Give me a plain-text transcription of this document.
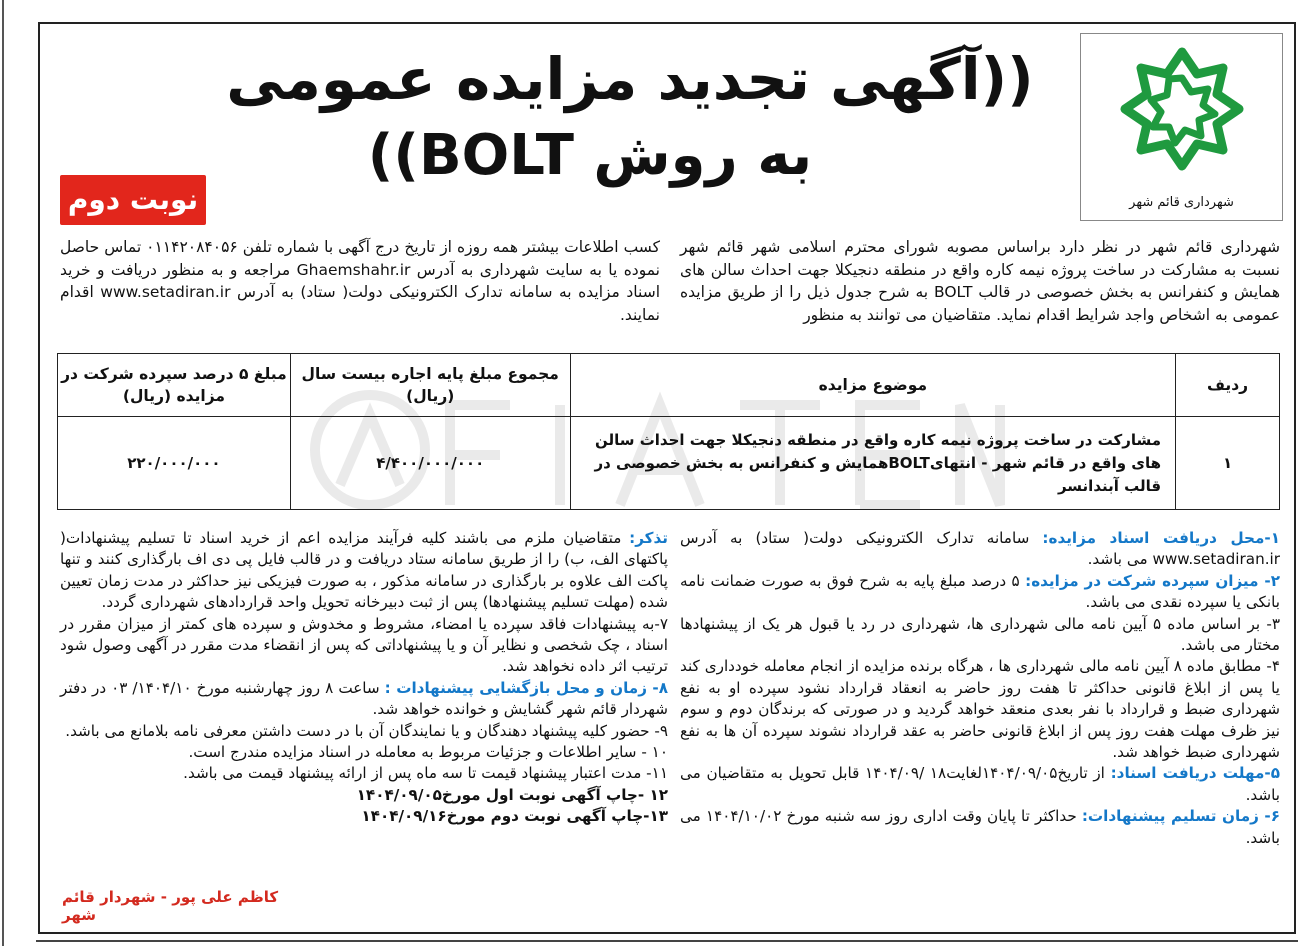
شهرداری قائم شهر
((آگهی تجدید مزایده عمومی
به روش BOLT))
نوبت دوم
شهرداری قائم شهر در نظر دارد براساس مصوبه شورای محترم اسلامی شهر قائم شهر نسبت به مشارکت در ساخت پروژه نیمه کاره واقع در منطقه دنجیکلا جهت احداث سالن های همایش و کنفرانس به بخش خصوصی در قالب BOLT به شرح جدول ذیل را از طریق مزایده عمومی به اشخاص واجد شرایط اقدام نماید. متقاضیان می توانند به منظور
کسب اطلاعات بیشتر همه روزه از تاریخ درج آگهی با شماره تلفن ۰۱۱۴۲۰۸۴۰۵۶ تماس حاصل نموده یا به سایت شهرداری به آدرس Ghaemshahr.ir مراجعه و به منظور دریافت و خرید اسناد مزایده به سامانه تدارک الکترونیکی دولت( ستاد) به آدرس www.setadiran.ir اقدام نمایند.
ردیف	موضوع مزایده	مجموع مبلغ پایه اجاره بیست سال (ریال)	مبلغ ۵ درصد سپرده شرکت در مزایده (ریال)
۱	مشارکت در ساخت پروژه نیمه کاره واقع در منطقه دنجیکلا جهت احداث سالن های واقع در قائم شهر - انتهایBOLTهمایش و کنفرانس به بخش خصوصی در قالب آبندانسر	۴/۴۰۰/۰۰۰/۰۰۰	۲۲۰/۰۰۰/۰۰۰

۱-محل دریافت اسناد مزایده: سامانه تدارک الکترونیکی دولت( ستاد) به آدرس www.setadiran.ir می باشد.

۲- میزان سپرده شرکت در مزایده: ۵ درصد مبلغ پایه به شرح فوق به صورت ضمانت نامه بانکی یا سپرده نقدی می باشد.

۳- بر اساس ماده ۵ آیین نامه مالی شهرداری ها، شهرداری در رد یا قبول هر یک از پیشنهادها مختار می باشد.

۴- مطابق ماده ۸ آیین نامه مالی شهرداری ها ، هرگاه برنده مزایده از انجام معامله خودداری کند یا پس از ابلاغ قانونی حداکثر تا هفت روز حاضر به انعقاد قرارداد نشود سپرده او به نفع شهرداری ضبط و قرارداد با نفر بعدی منعقد خواهد گردید و در صورتی که برندگان دوم و سوم نیز ظرف مهلت هفت روز پس از ابلاغ قانونی حاضر به عقد قرارداد نشوند سپرده آن ها به نفع شهرداری ضبط خواهد شد.

۵-مهلت دریافت اسناد: از تاریخ۱۴۰۴/۰۹/۰۵لغایت۱۸ /۱۴۰۴/۰۹ قابل تحویل به متقاضیان می باشد.

۶- زمان تسلیم پیشنهادات: حداکثر تا پایان وقت اداری روز سه شنبه مورخ ۱۴۰۴/۱۰/۰۲ می باشد.

تذکر: متقاضیان ملزم می باشند کلیه فرآیند مزایده اعم از خرید اسناد تا تسلیم پیشنهادات( پاکتهای الف، ب) را از طریق سامانه ستاد دریافت و در قالب فایل پی دی اف بارگذاری کنند و تنها پاکت الف علاوه بر بارگذاری در سامانه مذکور ، به صورت فیزیکی نیز حداکثر در مدت زمان تعیین شده (مهلت تسلیم پیشنهادها) پس از ثبت دبیرخانه تحویل واحد قراردادهای شهرداری گردد.

۷-به پیشنهادات فاقد سپرده یا امضاء، مشروط و مخدوش و سپرده های کمتر از میزان مقرر در اسناد ، چک شخصی و نظایر آن و یا پیشنهاداتی که پس از انقضاء مدت مقرر در آگهی وصول شود ترتیب اثر داده نخواهد شد.

۸- زمان و محل بازگشایی پیشنهادات : ساعت ۸ روز چهارشنبه مورخ ۱۴۰۴/۱۰/ ۰۳ در دفتر شهردار قائم شهر گشایش و خوانده خواهد شد.

۹- حضور کلیه پیشنهاد دهندگان و یا نمایندگان آن با در دست داشتن معرفی نامه بلامانع می باشد.

۱۰ - سایر اطلاعات و جزئیات مربوط به معامله در اسناد مزایده مندرج است.

۱۱- مدت اعتبار پیشنهاد قیمت تا سه ماه پس از ارائه پیشنهاد قیمت می باشد.

۱۲ -چاپ آگهی نوبت اول مورخ۱۴۰۴/۰۹/۰۵

۱۳-چاپ آگهی نوبت دوم مورخ۱۴۰۴/۰۹/۱۶

کاظم علی پور - شهردار قائم شهر
